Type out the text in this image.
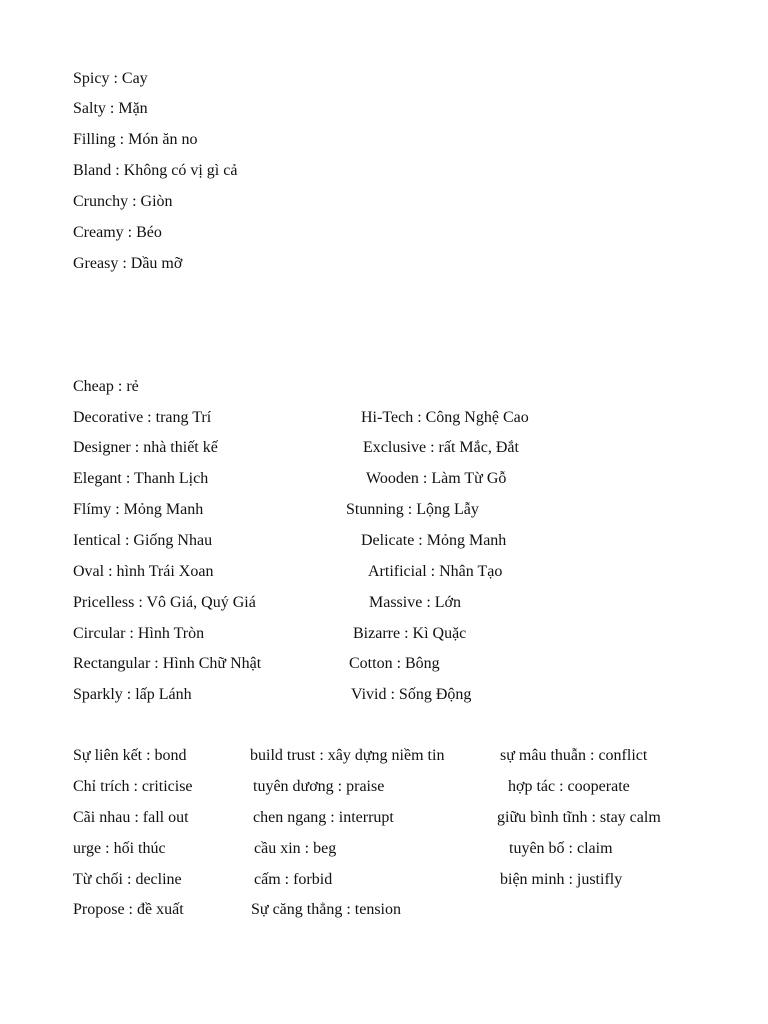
Spicy : Cay
Salty : Mặn
Filling : Món ăn no
Bland : Không có vị gì cả
Crunchy : Giòn
Creamy : Béo
Greasy : Dầu mỡ
Cheap : rẻ
Decorative : trang Trí
Designer : nhà thiết kế
Elegant : Thanh Lịch
Flímy : Mỏng Manh
Ientical : Giống Nhau
Oval : hình Trái Xoan
Pricelless : Vô Giá, Quý Giá
Circular : Hình Tròn
Rectangular : Hình Chữ Nhật
Sparkly : lấp Lánh
Hi-Tech : Công Nghệ Cao
Exclusive : rất Mắc, Đắt
Wooden : Làm Từ Gỗ
Stunning : Lộng Lẫy
Delicate : Mỏng Manh
Artificial : Nhân Tạo
Massive : Lớn
Bizarre : Kì Quặc
Cotton : Bông
Vivid : Sống Động
Sự liên kết : bond
Chỉ trích : criticise
Cãi nhau : fall out
urge : hối thúc
Từ chối : decline
Propose : đề xuất
build trust : xây dựng niềm tin
tuyên dương : praise
chen ngang : interrupt
cầu xin : beg
cấm : forbid
Sự căng thẳng : tension
sự mâu thuẫn : conflict
hợp tác : cooperate
giữu bình tĩnh : stay calm
tuyên bố : claim
biện minh : justifly
